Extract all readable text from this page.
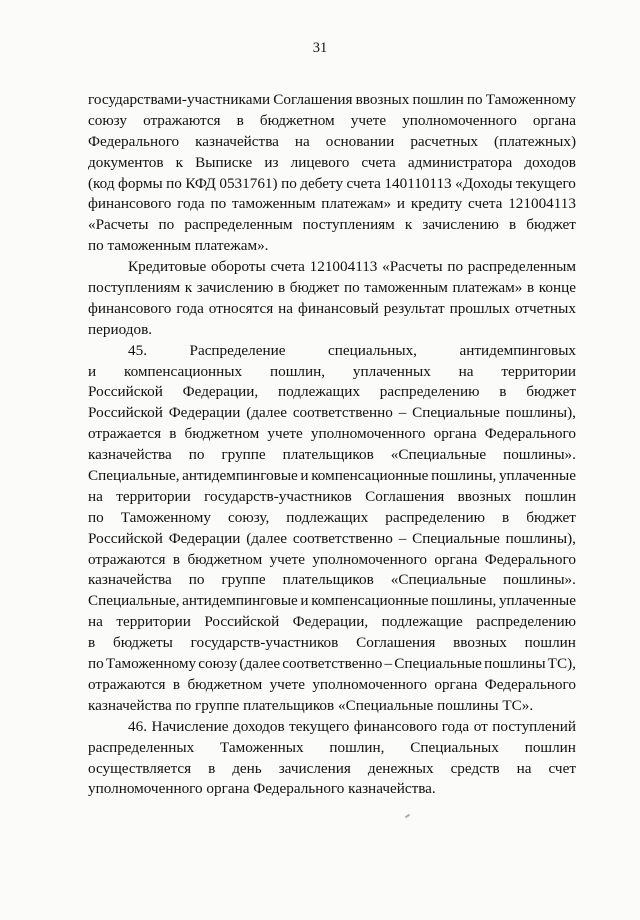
31
государствами-участниками Соглашения ввозных пошлин по Таможенному
союзу отражаются в бюджетном учете уполномоченного органа
Федерального казначейства на основании расчетных (платежных)
документов к Выписке из лицевого счета администратора доходов
(код формы по КФД 0531761) по дебету счета 140110113 «Доходы текущего
финансового года по таможенным платежам» и кредиту счета 121004113
«Расчеты по распределенным поступлениям к зачислению в бюджет
по таможенным платежам».
Кредитовые обороты счета 121004113 «Расчеты по распределенным
поступлениям к зачислению в бюджет по таможенным платежам» в конце
финансового года относятся на финансовый результат прошлых отчетных
периодов.
45.	Распределение	специальных,	антидемпинговых
и компенсационных пошлин, уплаченных на территории
Российской Федерации, подлежащих распределению в бюджет
Российской Федерации (далее соответственно – Специальные пошлины),
отражается в бюджетном учете уполномоченного органа Федерального
казначейства по группе плательщиков «Специальные пошлины».
Специальные, антидемпинговые и компенсационные пошлины, уплаченные
на территории государств-участников Соглашения ввозных пошлин
по Таможенному союзу, подлежащих распределению в бюджет
Российской Федерации (далее соответственно – Специальные пошлины),
отражаются в бюджетном учете уполномоченного органа Федерального
казначейства по группе плательщиков «Специальные пошлины».
Специальные, антидемпинговые и компенсационные пошлины, уплаченные
на территории Российской Федерации, подлежащие распределению
в бюджеты государств-участников Соглашения ввозных пошлин
по Таможенному союзу (далее соответственно – Специальные пошлины ТС),
отражаются в бюджетном учете уполномоченного органа Федерального
казначейства по группе плательщиков «Специальные пошлины ТС».
46. Начисление доходов текущего финансового года от поступлений
распределенных Таможенных пошлин, Специальных пошлин
осуществляется в день зачисления денежных средств на счет
уполномоченного органа Федерального казначейства.
